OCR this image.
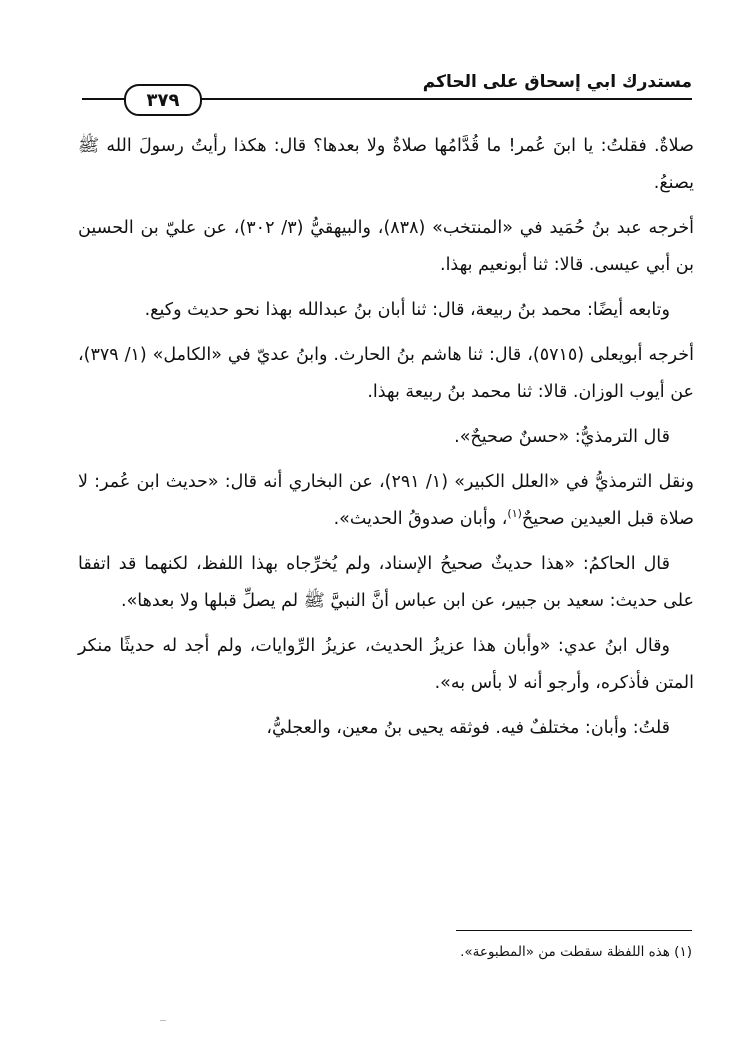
مستدرك ابي إسحاق على الحاكم
٣٧٩

صلاةٌ. فقلتُ: يا ابنَ عُمر! ما قُدَّامُها صلاةٌ ولا بعدها؟ قال: هكذا رأيتُ رسولَ الله ﷺ يصنعُ.

أخرجه عبد بنُ حُمَيد في «المنتخب» (٨٣٨)، والبيهقيُّ (٣/ ٣٠٢)، عن عليّ بن الحسين بن أبي عيسى. قالا: ثنا أبونعيم بهذا.

وتابعه أيضًا: محمد بنُ ربيعة، قال: ثنا أبان بنُ عبدالله بهذا نحو حديث وكيع.

أخرجه أبويعلى (٥٧١٥)، قال: ثنا هاشم بنُ الحارث. وابنُ عديّ في «الكامل» (١/ ٣٧٩)، عن أيوب الوزان. قالا: ثنا محمد بنُ ربيعة بهذا.

قال الترمذيُّ: «حسنٌ صحيحٌ».

ونقل الترمذيُّ في «العلل الكبير» (١/ ٢٩١)، عن البخاري أنه قال: «حديث ابن عُمر: لا صلاة قبل العيدين صحيحٌ$^{(١)}$، وأبان صدوقُ الحديث».

قال الحاكمُ: «هذا حديثٌ صحيحُ الإسناد، ولم يُخرِّجاه بهذا اللفظ، لكنهما قد اتفقا على حديث: سعيد بن جبير، عن ابن عباس أنَّ النبيَّ ﷺ لم يصلِّ قبلها ولا بعدها».

وقال ابنُ عدي: «وأبان هذا عزيزُ الحديث، عزيزُ الرِّوايات، ولم أجد له حديثًا منكر المتن فأذكره، وأرجو أنه لا بأس به».

قلتُ: وأبان: مختلفٌ فيه. فوثقه يحيى بنُ معين، والعجليُّ،

(١) هذه اللفظة سقطت من «المطبوعة».
